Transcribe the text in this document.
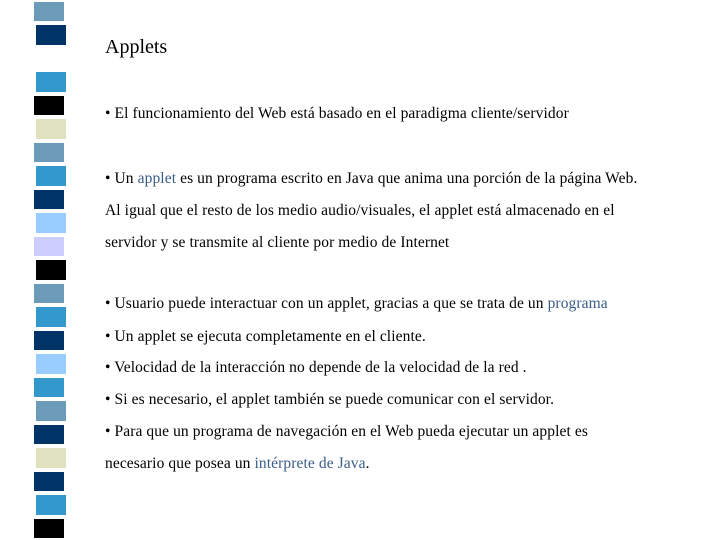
Applets
• El funcionamiento del Web está basado en el paradigma cliente/servidor
• Un applet es un programa escrito en Java que anima una porción de la página Web.
Al igual que el resto de los medio audio/visuales, el applet está almacenado en el
servidor y se transmite al cliente por medio de Internet
• Usuario puede interactuar con un applet, gracias a que se trata de un programa
• Un applet se ejecuta completamente en el cliente.
• Velocidad de la interacción no depende de la velocidad de la red .
• Si es necesario, el applet también se puede comunicar con el servidor.
• Para que un programa de navegación en el Web pueda ejecutar un applet es
necesario que posea un intérprete de Java.
